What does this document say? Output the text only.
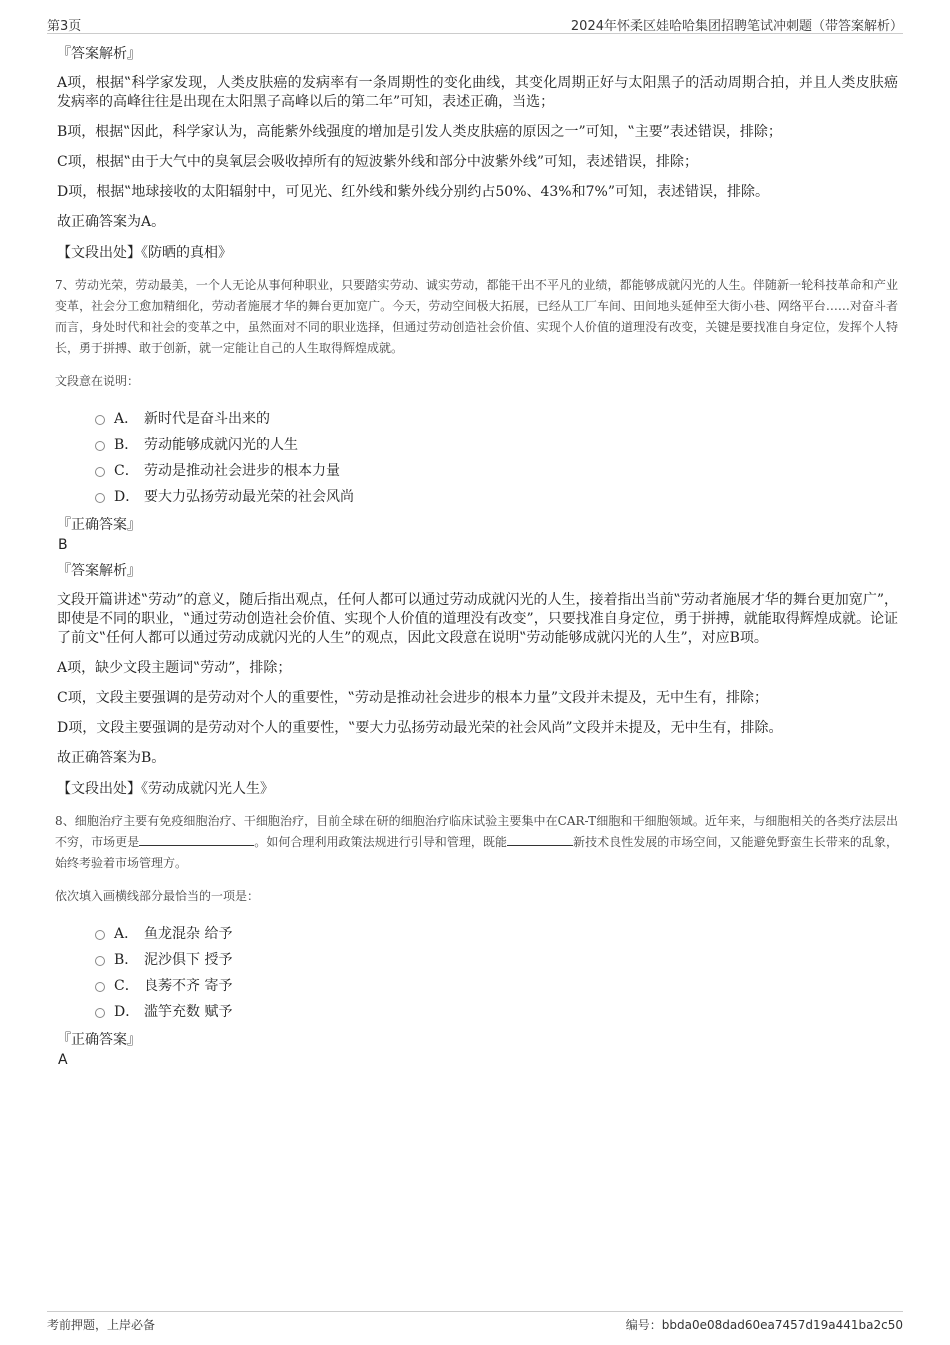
第3页	2024年怀柔区娃哈哈集团招聘笔试冲刺题（带答案解析）
『答案解析』

A项，根据‟科学家发现，人类皮肤癌的发病率有一条周期性的变化曲线，其变化周期正好与太阳黑子的活动周期合拍，并且人类皮肤癌发病率的高峰往往是出现在太阳黑子高峰以后的第二年”可知，表述正确，当选；

B项，根据‟因此，科学家认为，高能紫外线强度的增加是引发人类皮肤癌的原因之一”可知，‟主要”表述错误，排除；

C项，根据‟由于大气中的臭氧层会吸收掉所有的短波紫外线和部分中波紫外线”可知，表述错误，排除；

D项，根据‟地球接收的太阳辐射中，可见光、红外线和紫外线分别约占50%、43%和7%”可知，表述错误，排除。

故正确答案为A。

【文段出处】《防晒的真相》

7、劳动光荣，劳动最美，一个人无论从事何种职业，只要踏实劳动、诚实劳动，都能干出不平凡的业绩，都能够成就闪光的人生。伴随新一轮科技革命和产业变革，社会分工愈加精细化，劳动者施展才华的舞台更加宽广。今天，劳动空间极大拓展，已经从工厂车间、田间地头延伸至大街小巷、网络平台……对奋斗者而言，身处时代和社会的变革之中，虽然面对不同的职业选择，但通过劳动创造社会价值、实现个人价值的道理没有改变，关键是要找准自身定位，发挥个人特长，勇于拼搏、敢于创新，就一定能让自己的人生取得辉煌成就。

文段意在说明：
A． 新时代是奋斗出来的
B． 劳动能够成就闪光的人生
C． 劳动是推动社会进步的根本力量
D． 要大力弘扬劳动最光荣的社会风尚
『正确答案』
B
『答案解析』

文段开篇讲述‟劳动”的意义，随后指出观点，任何人都可以通过劳动成就闪光的人生，接着指出当前‟劳动者施展才华的舞台更加宽广”，即使是不同的职业，‟通过劳动创造社会价值、实现个人价值的道理没有改变”，只要找准自身定位，勇于拼搏，就能取得辉煌成就。论证了前文‟任何人都可以通过劳动成就闪光的人生”的观点，因此文段意在说明‟劳动能够成就闪光的人生”，对应B项。

A项，缺少文段主题词‟劳动”，排除；

C项，文段主要强调的是劳动对个人的重要性，‟劳动是推动社会进步的根本力量”文段并未提及，无中生有，排除；

D项，文段主要强调的是劳动对个人的重要性，‟要大力弘扬劳动最光荣的社会风尚”文段并未提及，无中生有，排除。

故正确答案为B。

【文段出处】《劳动成就闪光人生》

8、细胞治疗主要有免疫细胞治疗、干细胞治疗，目前全球在研的细胞治疗临床试验主要集中在CAR-T细胞和干细胞领域。近年来，与细胞相关的各类疗法层出不穷，市场更是	。如何合理利用政策法规进行引导和管理，既能	新技术良性发展的市场空间，又能避免野蛮生长带来的乱象，始终考验着市场管理方。

依次填入画横线部分最恰当的一项是：
A． 鱼龙混杂 给予
B． 泥沙俱下 授予
C． 良莠不齐 寄予
D． 滥竽充数 赋予
『正确答案』
A
考前押题，上岸必备	编号：bbda0e08dad60ea7457d19a441ba2c50
